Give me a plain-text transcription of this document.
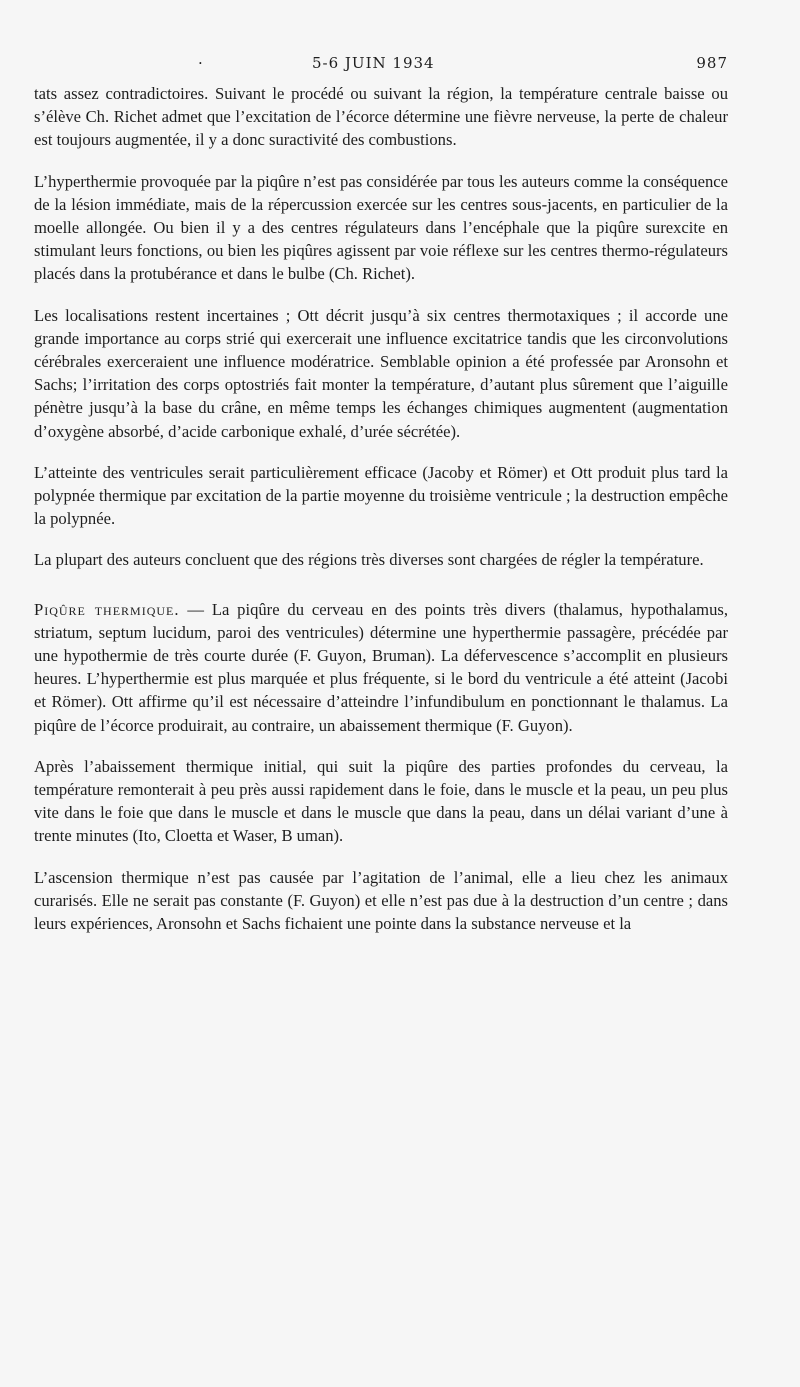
·	5-6 JUIN 1934	987

tats assez contradictoires. Suivant le procédé ou suivant la région, la température centrale baisse ou s’élève Ch. Richet admet que l’excitation de l’écorce détermine une fièvre nerveuse, la perte de chaleur est toujours augmentée, il y a donc suractivité des combustions.

L’hyperthermie provoquée par la piqûre n’est pas considérée par tous les auteurs comme la conséquence de la lésion immédiate, mais de la répercussion exercée sur les centres sous-jacents, en particulier de la moelle allongée. Ou bien il y a des centres régulateurs dans l’encéphale que la piqûre surexcite en stimulant leurs fonctions, ou bien les piqûres agissent par voie réflexe sur les centres thermo-régulateurs placés dans la protubérance et dans le bulbe (Ch. Richet).

Les localisations restent incertaines ; Ott décrit jusqu’à six centres thermotaxiques ; il accorde une grande importance au corps strié qui exercerait une influence excitatrice tandis que les circonvolutions cérébrales exerceraient une influence modératrice. Semblable opinion a été professée par Aronsohn et Sachs; l’irritation des corps optostriés fait monter la température, d’autant plus sûrement que l’aiguille pénètre jusqu’à la base du crâne, en même temps les échanges chimiques augmentent (augmentation d’oxygène absorbé, d’acide carbonique exhalé, d’urée sécrétée).

L’atteinte des ventricules serait particulièrement efficace (Jacoby et Römer) et Ott produit plus tard la polypnée thermique par excitation de la partie moyenne du troisième ventricule ; la destruction empêche la polypnée.

La plupart des auteurs concluent que des régions très diverses sont chargées de régler la température.

Piqûre thermique. — La piqûre du cerveau en des points très divers (thalamus, hypothalamus, striatum, septum lucidum, paroi des ventricules) détermine une hyperthermie passagère, précédée par une hypothermie de très courte durée (F. Guyon, Bruman). La défervescence s’accomplit en plusieurs heures. L’hyperthermie est plus marquée et plus fréquente, si le bord du ventricule a été atteint (Jacobi et Römer). Ott affirme qu’il est nécessaire d’atteindre l’infundibulum en ponctionnant le thalamus. La piqûre de l’écorce produirait, au contraire, un abaissement thermique (F. Guyon).

Après l’abaissement thermique initial, qui suit la piqûre des parties profondes du cerveau, la température remonterait à peu près aussi rapidement dans le foie, dans le muscle et la peau, un peu plus vite dans le foie que dans le muscle et dans le muscle que dans la peau, dans un délai variant d’une à trente minutes (Ito, Cloetta et Waser, B uman).

L’ascension thermique n’est pas causée par l’agitation de l’animal, elle a lieu chez les animaux curarisés. Elle ne serait pas constante (F. Guyon) et elle n’est pas due à la destruction d’un centre ; dans leurs expériences, Aronsohn et Sachs fichaient une pointe dans la substance nerveuse et la
